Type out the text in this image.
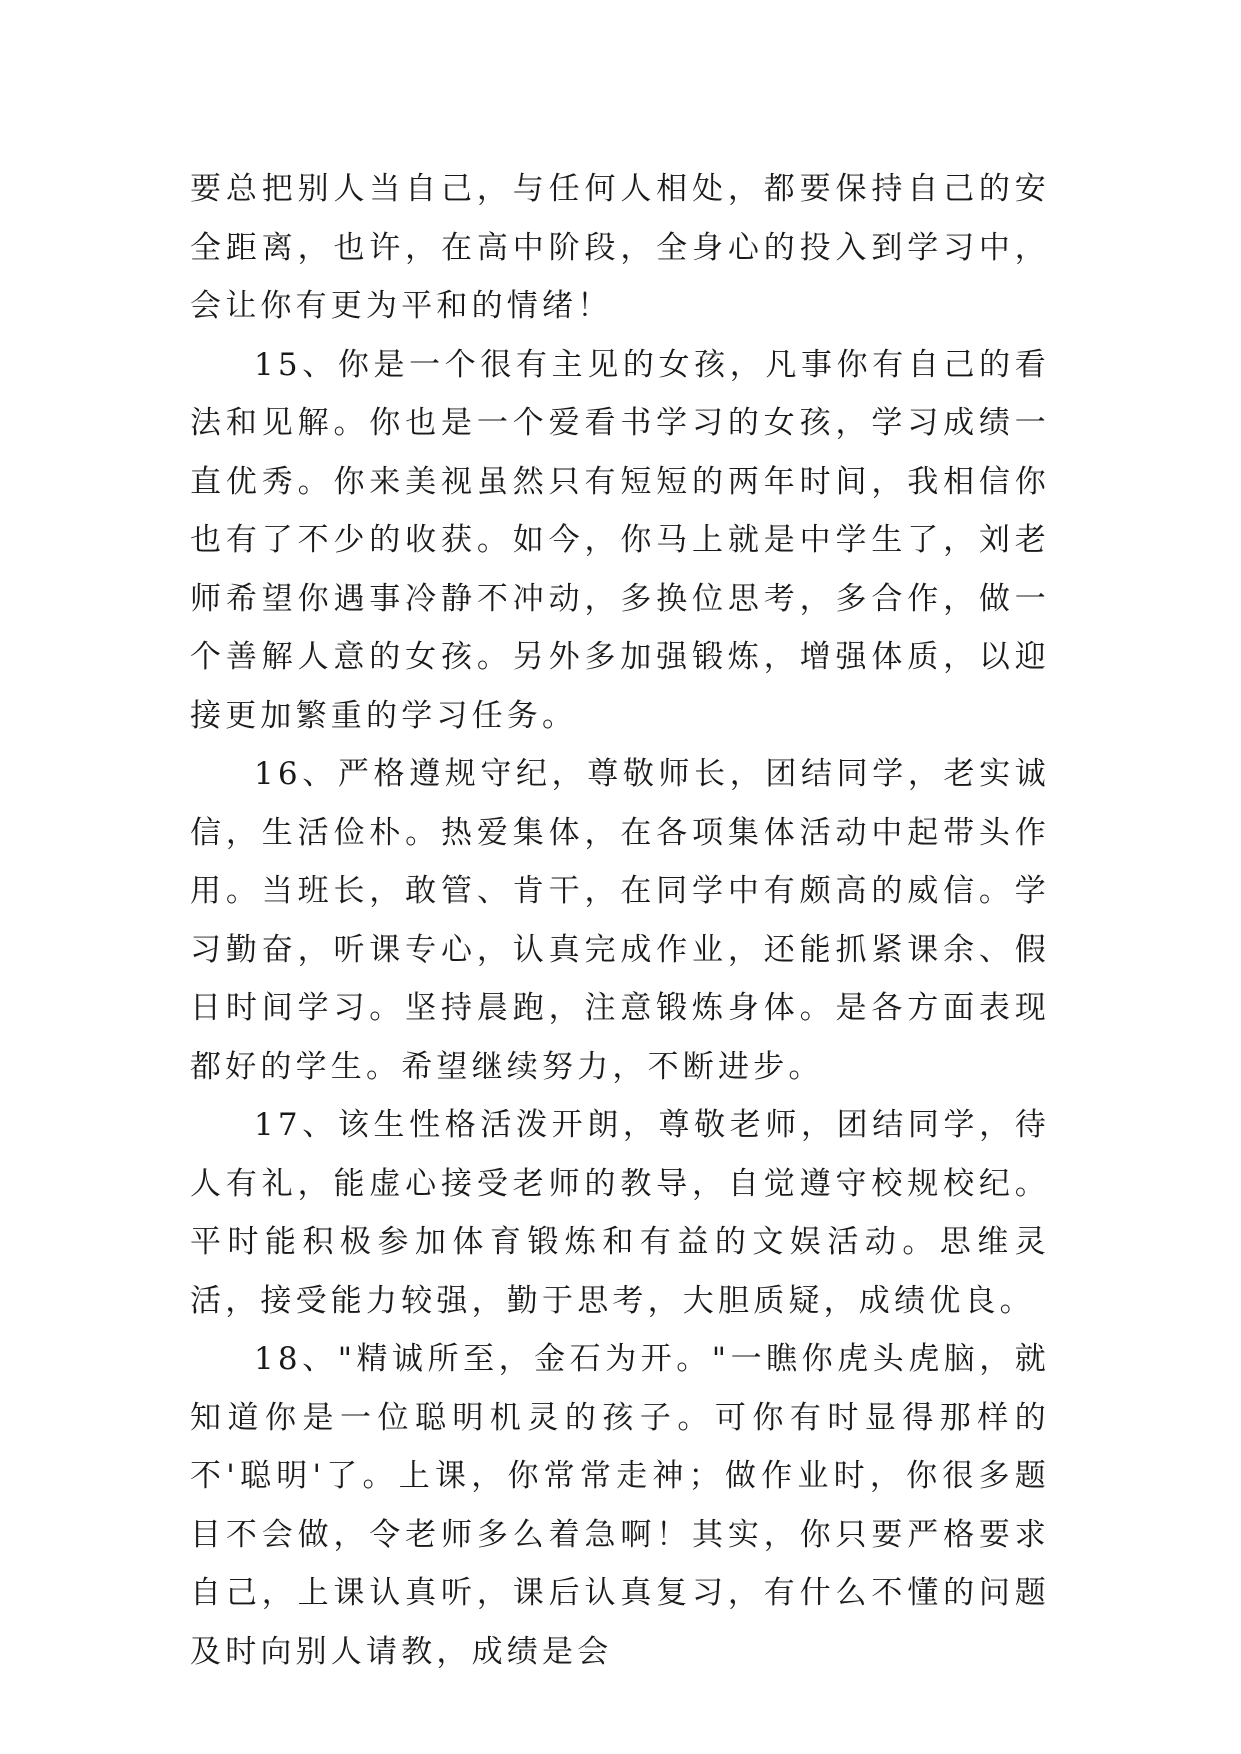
要总把别人当自己，与任何人相处，都要保持自己的安全距离，也许，在高中阶段，全身心的投入到学习中，会让你有更为平和的情绪！

15、你是一个很有主见的女孩，凡事你有自己的看法和见解。你也是一个爱看书学习的女孩，学习成绩一直优秀。你来美视虽然只有短短的两年时间，我相信你也有了不少的收获。如今，你马上就是中学生了，刘老师希望你遇事冷静不冲动，多换位思考，多合作，做一个善解人意的女孩。另外多加强锻炼，增强体质，以迎接更加繁重的学习任务。

16、严格遵规守纪，尊敬师长，团结同学，老实诚信，生活俭朴。热爱集体，在各项集体活动中起带头作用。当班长，敢管、肯干，在同学中有颇高的威信。学习勤奋，听课专心，认真完成作业，还能抓紧课余、假日时间学习。坚持晨跑，注意锻炼身体。是各方面表现都好的学生。希望继续努力，不断进步。

17、该生性格活泼开朗，尊敬老师，团结同学，待人有礼，能虚心接受老师的教导，自觉遵守校规校纪。平时能积极参加体育锻炼和有益的文娱活动。思维灵活，接受能力较强，勤于思考，大胆质疑，成绩优良。

18、"精诚所至，金石为开。"一瞧你虎头虎脑，就知道你是一位聪明机灵的孩子。可你有时显得那样的不'聪明'了。上课，你常常走神；做作业时，你很多题目不会做，令老师多么着急啊！其实，你只要严格要求自己，上课认真听，课后认真复习，有什么不懂的问题及时向别人请教，成绩是会
